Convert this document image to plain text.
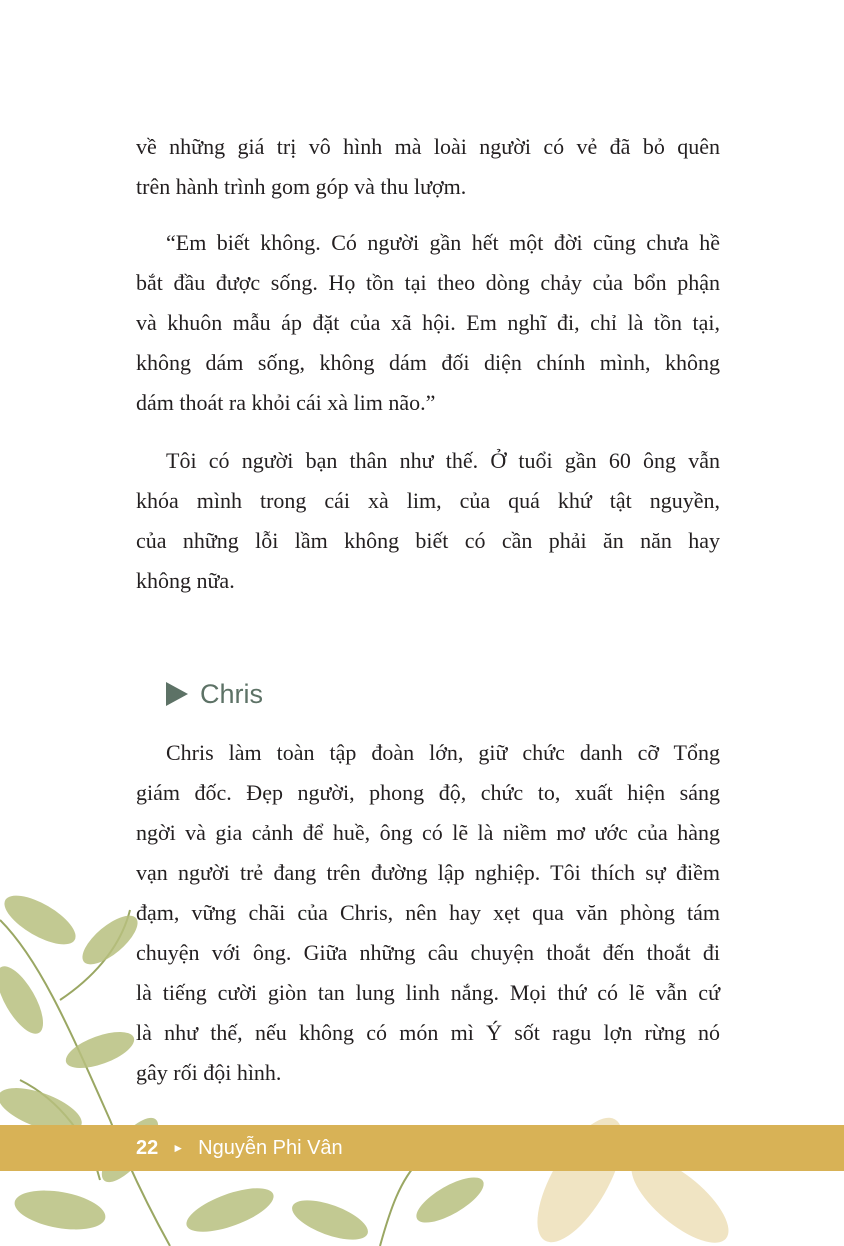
về những giá trị vô hình mà loài người có vẻ đã bỏ quên
trên hành trình gom góp và thu lượm.
“Em biết không. Có người gần hết một đời cũng chưa hề
bắt đầu được sống. Họ tồn tại theo dòng chảy của bổn phận
và khuôn mẫu áp đặt của xã hội. Em nghĩ đi, chỉ là tồn tại,
không dám sống, không dám đối diện chính mình, không
dám thoát ra khỏi cái xà lim não.”
Tôi có người bạn thân như thế. Ở tuổi gần 60 ông vẫn
khóa mình trong cái xà lim, của quá khứ tật nguyền,
của những lỗi lầm không biết có cần phải ăn năn hay
không nữa.
Chris
Chris làm toàn tập đoàn lớn, giữ chức danh cỡ Tổng
giám đốc. Đẹp người, phong độ, chức to, xuất hiện sáng
ngời và gia cảnh để huề, ông có lẽ là niềm mơ ước của hàng
vạn người trẻ đang trên đường lập nghiệp. Tôi thích sự điềm
đạm, vững chãi của Chris, nên hay xẹt qua văn phòng tám
chuyện với ông. Giữa những câu chuyện thoắt đến thoắt đi
là tiếng cười giòn tan lung linh nắng. Mọi thứ có lẽ vẫn cứ
là như thế, nếu không có món mì Ý sốt ragu lợn rừng nó
gây rối đội hình.
22 ► Nguyễn Phi Vân
